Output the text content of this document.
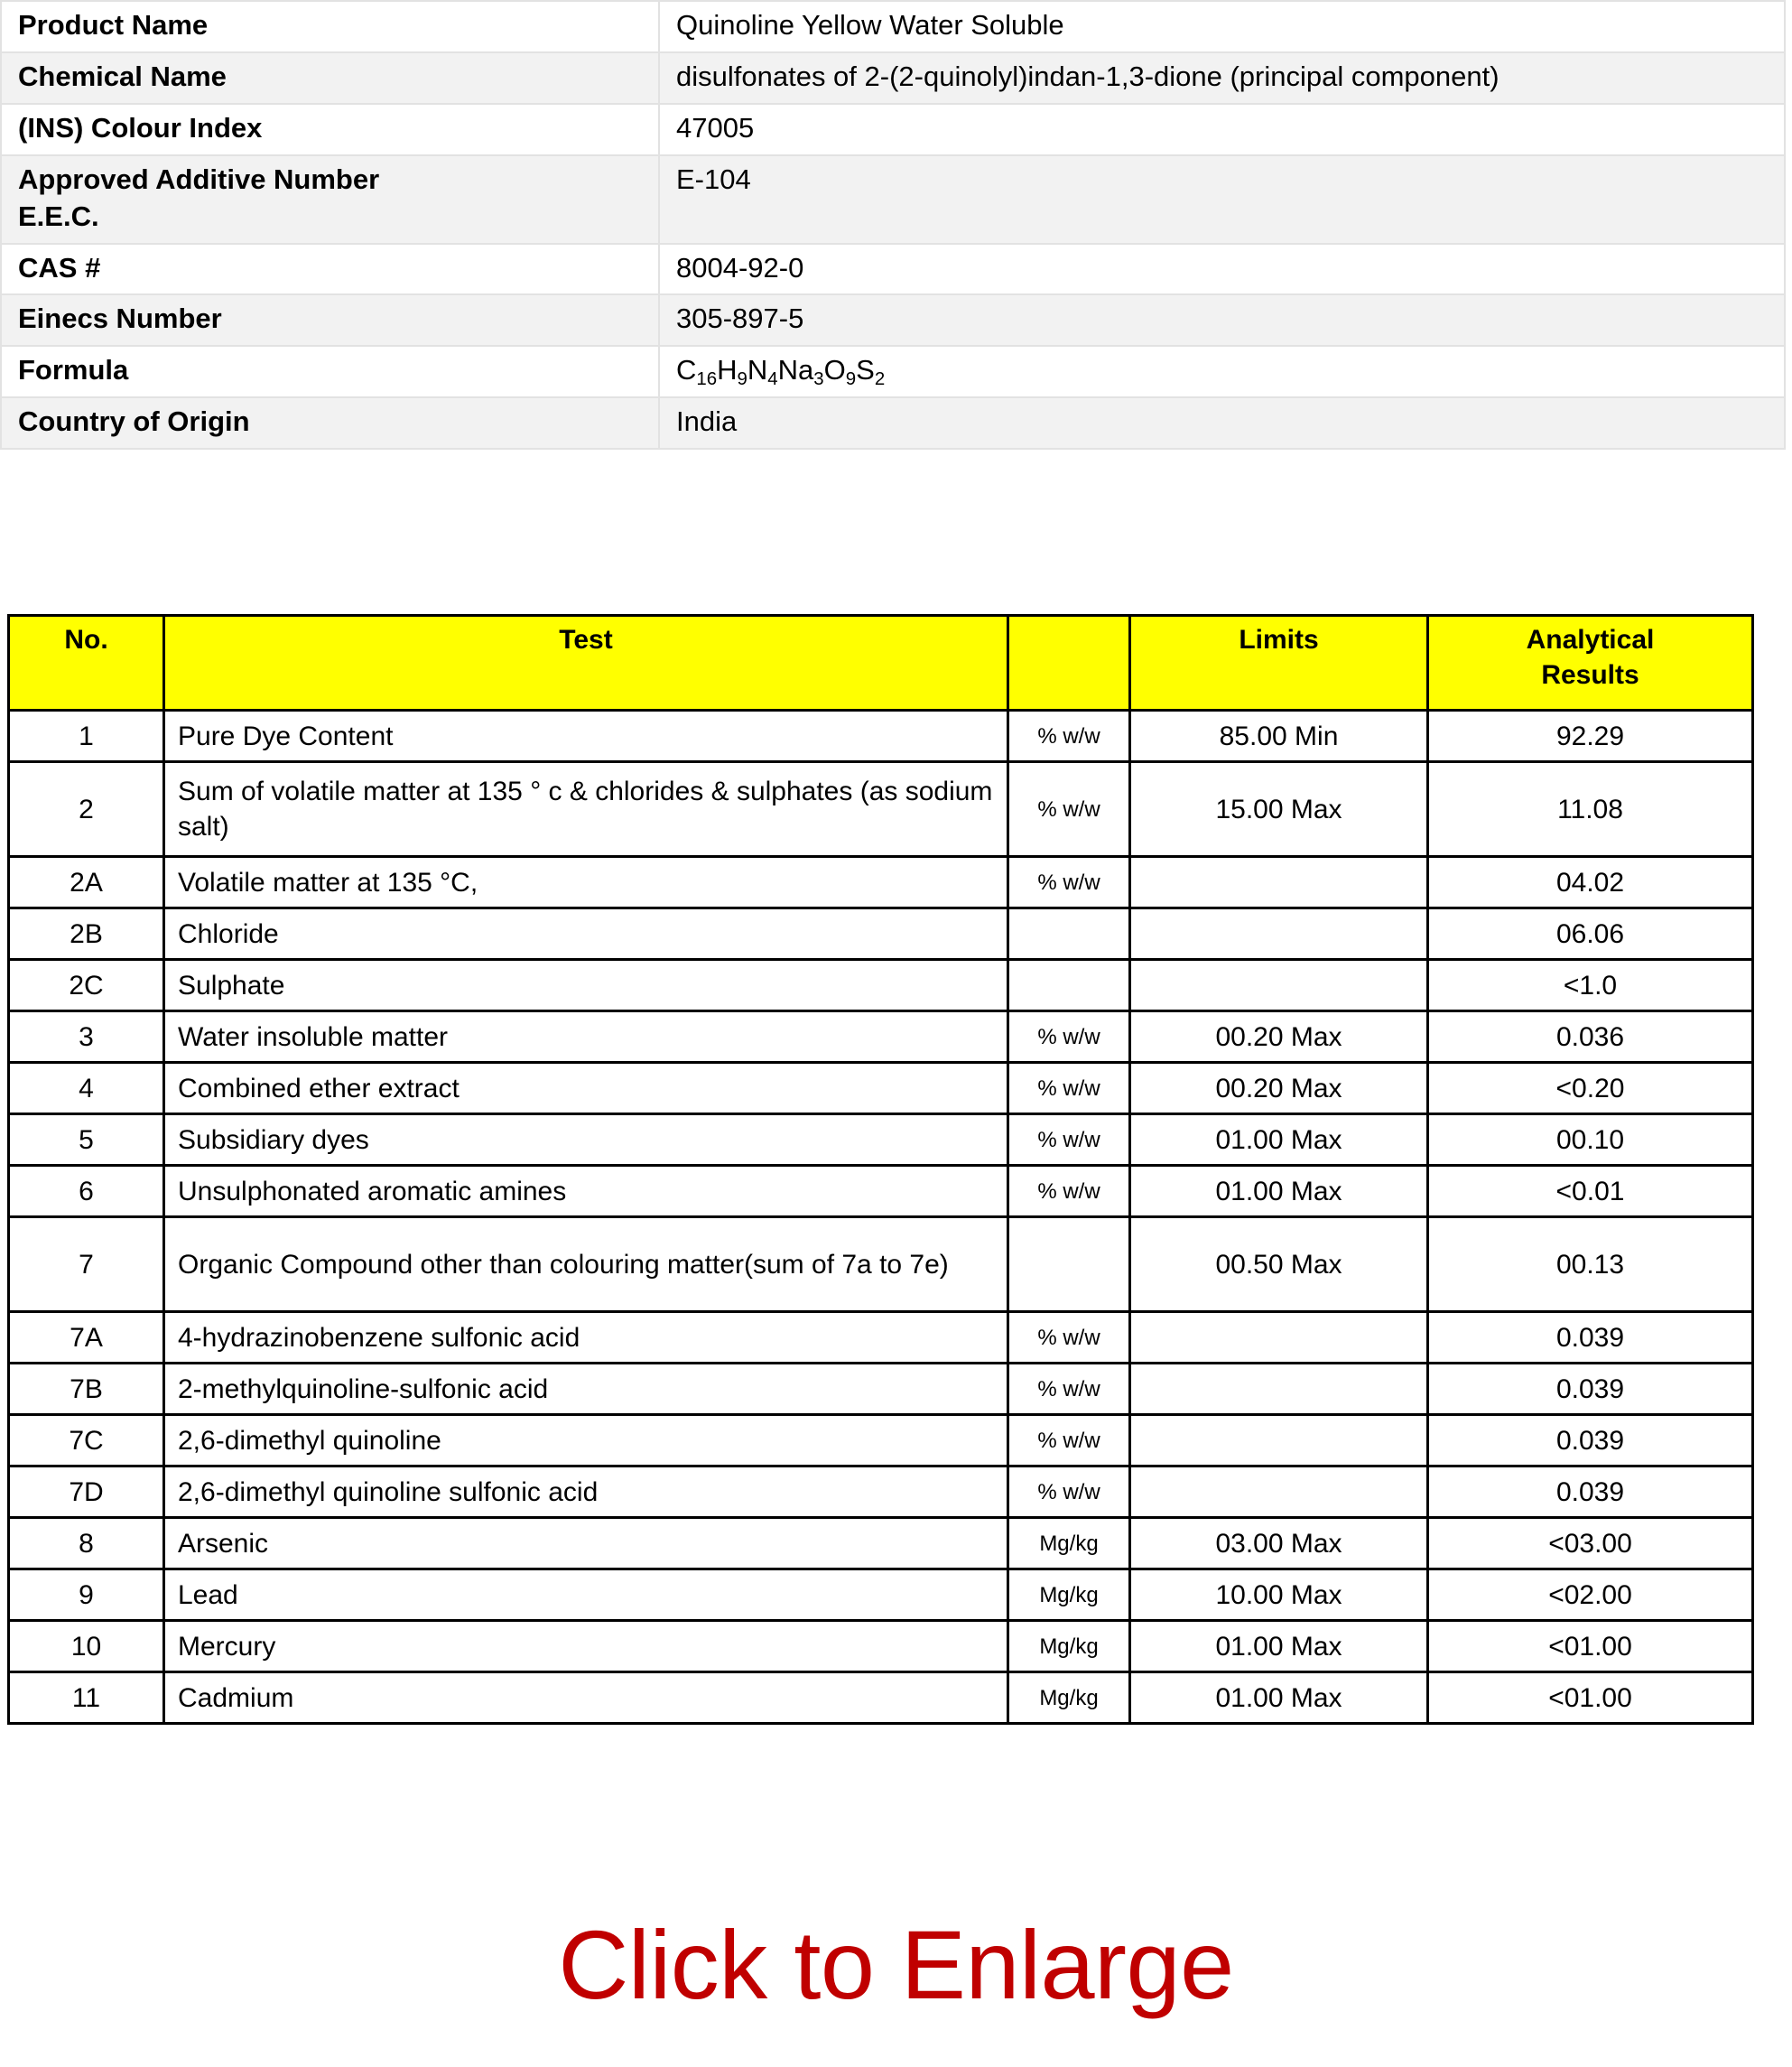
Product Name	Quinoline Yellow Water Soluble
Chemical Name	disulfonates of 2-(2-quinolyl)indan-1,3-dione (principal component)
(INS) Colour Index	47005
Approved Additive Number
E.E.C.	E-104
CAS #	8004-92-0
Einecs Number	305-897-5
Formula	$C_{16}H_9N_4Na_3O_9S_2$
Country of Origin	India
No.	Test		Limits	Analytical
Results

1	Pure Dye Content	% w/w	85.00 Min	92.29
2	Sum of volatile matter at 135 ° c & chlorides & sulphates (as sodium salt)	% w/w	15.00 Max	11.08
2A	Volatile matter at 135 °C,	% w/w		04.02
2B	Chloride			06.06
2C	Sulphate			<1.0
3	Water insoluble matter	% w/w	00.20 Max	0.036
4	Combined ether extract	% w/w	00.20 Max	<0.20
5	Subsidiary dyes	% w/w	01.00 Max	00.10
6	Unsulphonated aromatic amines	% w/w	01.00 Max	<0.01
7	Organic Compound other than colouring matter(sum of 7a to 7e)		00.50 Max	00.13
7A	4-hydrazinobenzene sulfonic acid	% w/w		0.039
7B	2-methylquinoline-sulfonic acid	% w/w		0.039
7C	2,6-dimethyl quinoline	% w/w		0.039
7D	2,6-dimethyl quinoline sulfonic acid	% w/w		0.039
8	Arsenic	Mg/kg	03.00 Max	<03.00
9	Lead	Mg/kg	10.00 Max	<02.00
10	Mercury	Mg/kg	01.00 Max	<01.00
11	Cadmium	Mg/kg	01.00 Max	<01.00
Click to Enlarge
